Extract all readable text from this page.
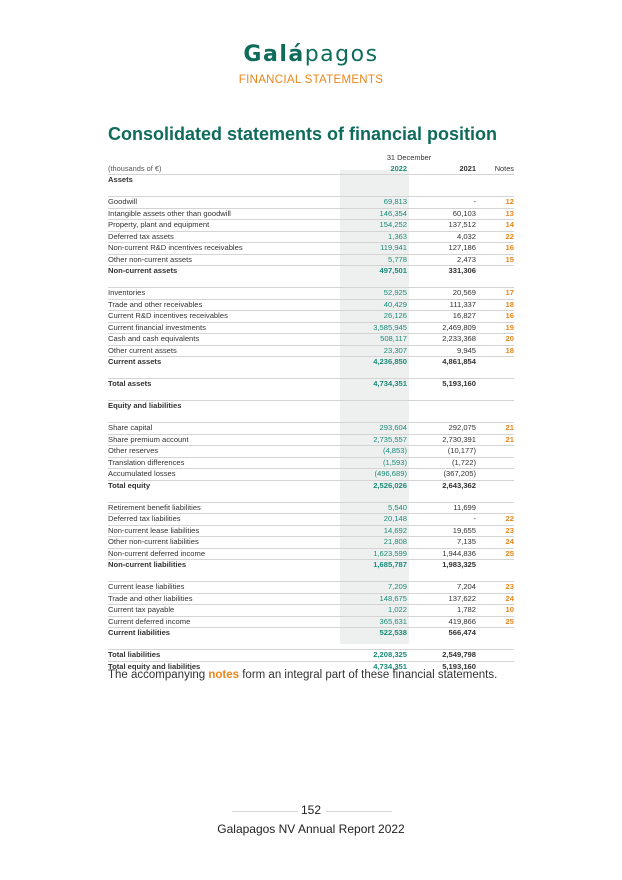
Galápagos
FINANCIAL STATEMENTS
Consolidated statements of financial position
	31 December		
(thousands of €)	2022	2021	Notes
Assets			

Goodwill	69,813	-	12
Intangible assets other than goodwill	146,354	60,103	13
Property, plant and equipment	154,252	137,512	14
Deferred tax assets	1,363	4,032	22
Non-current R&D incentives receivables	119,941	127,186	16
Other non-current assets	5,778	2,473	15
Non-current assets	497,501	331,306	

Inventories	52,925	20,569	17
Trade and other receivables	40,429	111,337	18
Current R&D incentives receivables	26,126	16,827	16
Current financial investments	3,585,945	2,469,809	19
Cash and cash equivalents	508,117	2,233,368	20
Other current assets	23,307	9,945	18
Current assets	4,236,850	4,861,854	

Total assets	4,734,351	5,193,160	

Equity and liabilities			

Share capital	293,604	292,075	21
Share premium account	2,735,557	2,730,391	21
Other reserves	(4,853)	(10,177)	
Translation differences	(1,593)	(1,722)	
Accumulated losses	(496,689)	(367,205)	
Total equity	2,526,026	2,643,362	

Retirement benefit liabilities	5,540	11,699	
Deferred tax liabilities	20,148	-	22
Non-current lease liabilities	14,692	19,655	23
Other non-current liabilities	21,808	7,135	24
Non-current deferred income	1,623,599	1,944,836	25
Non-current liabilities	1,685,787	1,983,325	

Current lease liabilities	7,209	7,204	23
Trade and other liabilities	148,675	137,622	24
Current tax payable	1,022	1,782	10
Current deferred income	365,631	419,866	25
Current liabilities	522,538	566,474	

Total liabilities	2,208,325	2,549,798	
Total equity and liabilities	4,734,351	5,193,160	
The accompanying notes form an integral part of these financial statements.
152
Galapagos NV Annual Report 2022
